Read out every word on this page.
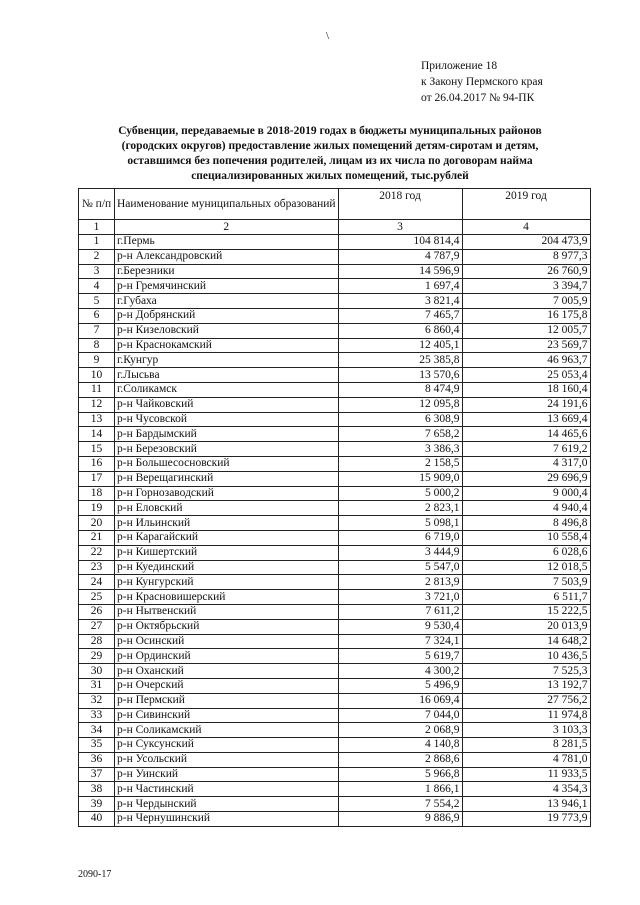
\
Приложение 18
к Закону Пермского края
от 26.04.2017 № 94-ПК
Субвенции, передаваемые в 2018-2019 годах в бюджеты муниципальных районов
(городских округов) предоставление жилых помещений детям-сиротам и детям,
оставшимся без попечения родителей, лицам из их числа по договорам найма
специализированных жилых помещений, тыс.рублей
№ п/п	Наименование муниципальных образований	2018 год	2019 год
1	2	3	4
1	г.Пермь	104 814,4	204 473,9
2	р-н Александровский	4 787,9	8 977,3
3	г.Березники	14 596,9	26 760,9
4	р-н Гремячинский	1 697,4	3 394,7
5	г.Губаха	3 821,4	7 005,9
6	р-н Добрянский	7 465,7	16 175,8
7	р-н Кизеловский	6 860,4	12 005,7
8	р-н Краснокамский	12 405,1	23 569,7
9	г.Кунгур	25 385,8	46 963,7
10	г.Лысьва	13 570,6	25 053,4
11	г.Соликамск	8 474,9	18 160,4
12	р-н Чайковский	12 095,8	24 191,6
13	р-н Чусовской	6 308,9	13 669,4
14	р-н Бардымский	7 658,2	14 465,6
15	р-н Березовский	3 386,3	7 619,2
16	р-н Большесосновский	2 158,5	4 317,0
17	р-н Верещагинский	15 909,0	29 696,9
18	р-н Горнозаводский	5 000,2	9 000,4
19	р-н Еловский	2 823,1	4 940,4
20	р-н Ильинский	5 098,1	8 496,8
21	р-н Карагайский	6 719,0	10 558,4
22	р-н Кишертский	3 444,9	6 028,6
23	р-н Куединский	5 547,0	12 018,5
24	р-н Кунгурский	2 813,9	7 503,9
25	р-н Красновишерский	3 721,0	6 511,7
26	р-н Нытвенский	7 611,2	15 222,5
27	р-н Октябрьский	9 530,4	20 013,9
28	р-н Осинский	7 324,1	14 648,2
29	р-н Ординский	5 619,7	10 436,5
30	р-н Оханский	4 300,2	7 525,3
31	р-н Очерский	5 496,9	13 192,7
32	р-н Пермский	16 069,4	27 756,2
33	р-н Сивинский	7 044,0	11 974,8
34	р-н Соликамский	2 068,9	3 103,3
35	р-н Суксунский	4 140,8	8 281,5
36	р-н Усольский	2 868,6	4 781,0
37	р-н Уинский	5 966,8	11 933,5
38	р-н Частинский	1 866,1	4 354,3
39	р-н Чердынский	7 554,2	13 946,1
40	р-н Чернушинский	9 886,9	19 773,9
2090-17
